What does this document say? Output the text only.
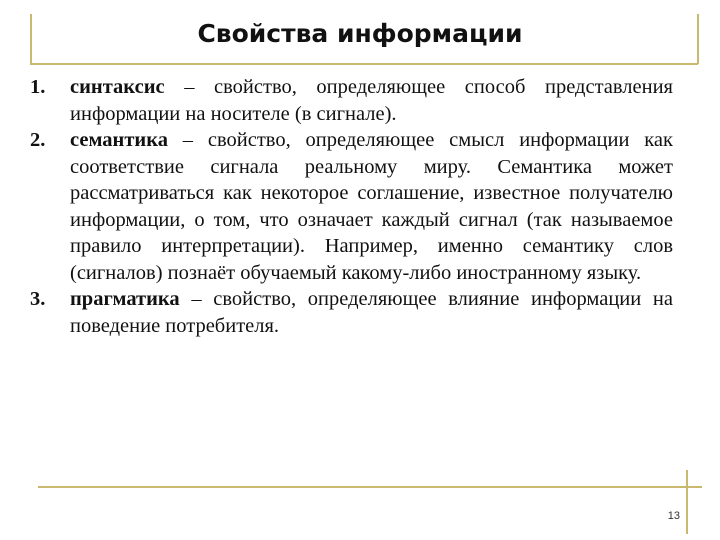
Свойства информации
1.	синтаксис – свойство, определяющее способ представления информации на носителе (в сигнале).
2.	семантика – свойство, определяющее смысл информации как соответствие сигнала реальному миру. Семантика может рассматриваться как некоторое соглашение, известное получателю информации, о том, что означает каждый сигнал (так называемое правило интерпретации). Например, именно семантику слов (сигналов) познаёт обучаемый какому-либо иностранному языку.
3.	прагматика – свойство, определяющее влияние информации на поведение потребителя.
13
